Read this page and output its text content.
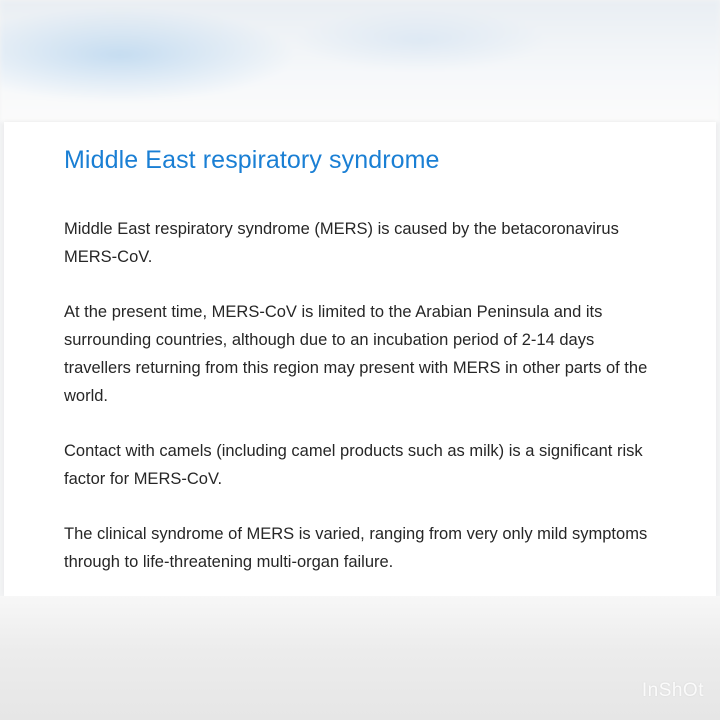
Middle East respiratory syndrome

Middle East respiratory syndrome (MERS) is caused by the betacoronavirus MERS-CoV.

At the present time, MERS-CoV is limited to the Arabian Peninsula and its surrounding countries, although due to an incubation period of 2-14 days travellers returning from this region may present with MERS in other parts of the world.

Contact with camels (including camel products such as milk) is a significant risk factor for MERS-CoV.

The clinical syndrome of MERS is varied, ranging from very only mild symptoms through to life-threatening multi-organ failure.

InShOt
